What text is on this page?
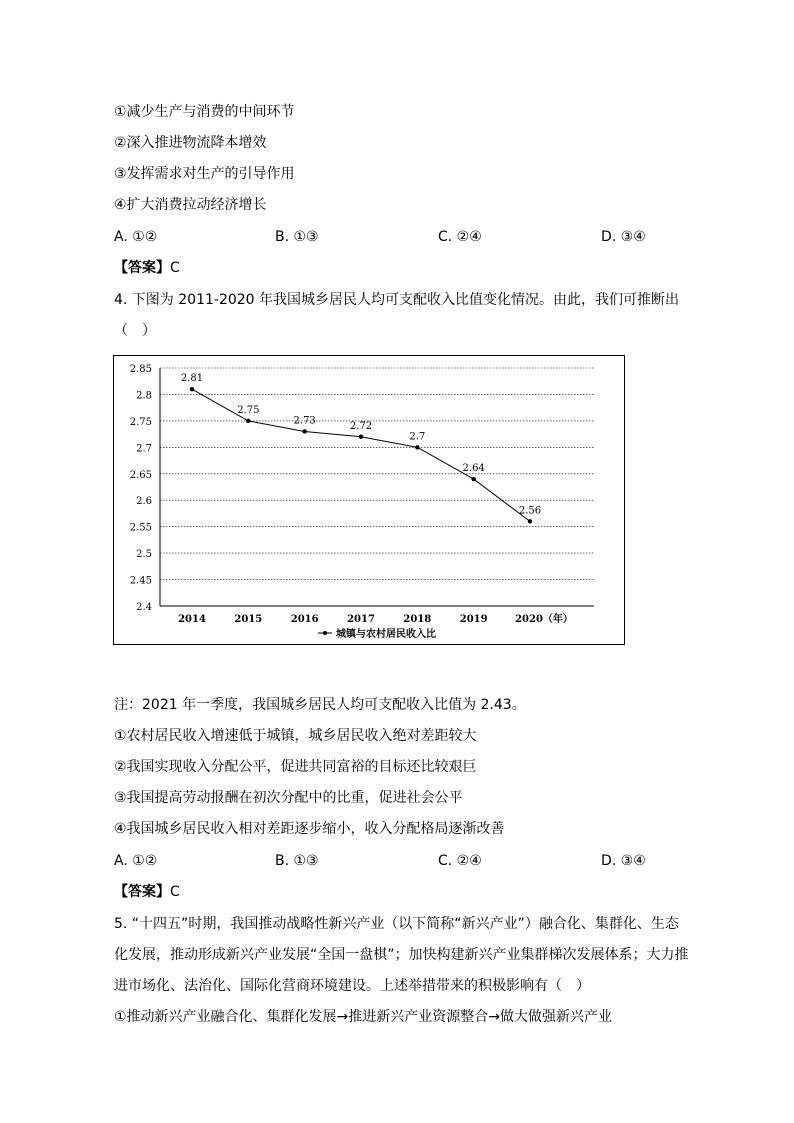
①减少生产与消费的中间环节
②深入推进物流降本增效
③发挥需求对生产的引导作用
④扩大消费拉动经济增长
A. ①②	B. ①③	C. ②④	D. ③④
【答案】C
4. 下图为 2011-2020 年我国城乡居民人均可支配收入比值变化情况。由此，我们可推断出
（　）
2.4
2.45
2.5
2.55
2.6
2.65
2.7
2.75
2.8
2.85
2.81
2.75
2.73	2.72
2.7
2.64
2.56
2014	2015	2016	2017	2018	2019	2020（年）
城镇与农村居民收入比
注：2021 年一季度，我国城乡居民人均可支配收入比值为 2.43。
①农村居民收入增速低于城镇，城乡居民收入绝对差距较大
②我国实现收入分配公平，促进共同富裕的目标还比较艰巨
③我国提高劳动报酬在初次分配中的比重，促进社会公平
④我国城乡居民收入相对差距逐步缩小，收入分配格局逐渐改善
A. ①②	B. ①③	C. ②④	D. ③④
【答案】C
5. “十四五”时期，我国推动战略性新兴产业（以下简称“新兴产业”）融合化、集群化、生态
化发展，推动形成新兴产业发展“全国一盘棋”；加快构建新兴产业集群梯次发展体系；大力推
进市场化、法治化、国际化营商环境建设。上述举措带来的积极影响有（　）
①推动新兴产业融合化、集群化发展→推进新兴产业资源整合→做大做强新兴产业
